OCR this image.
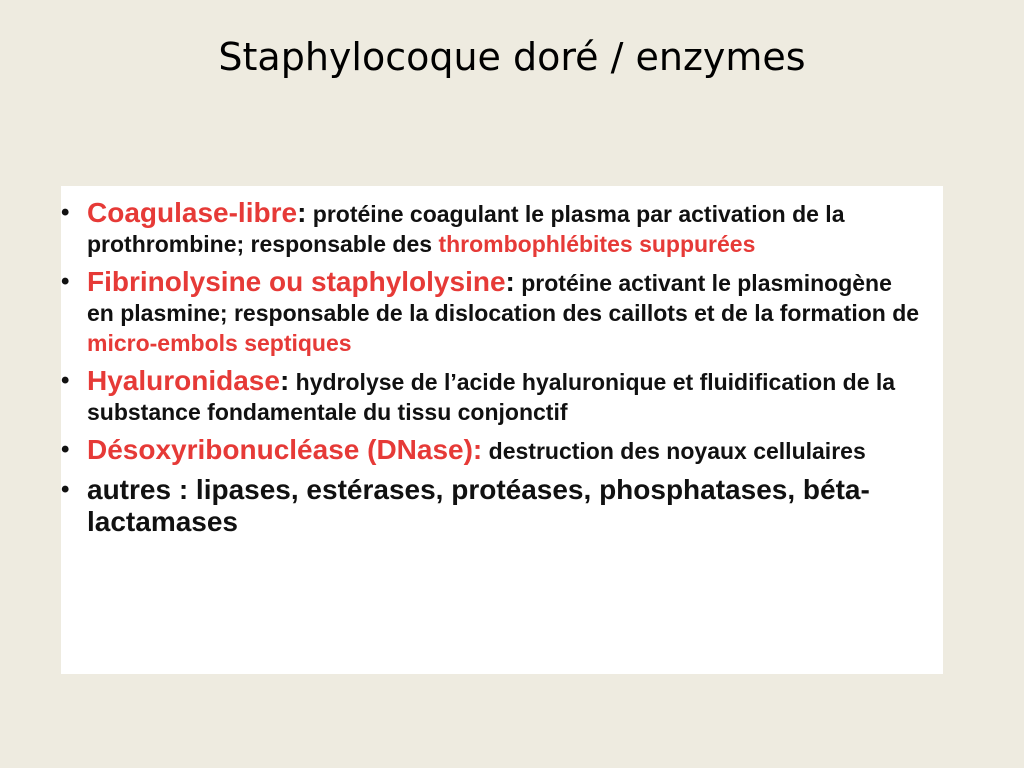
Staphylocoque doré / enzymes
• Coagulase-libre: protéine coagulant le plasma par activation de la prothrombine; responsable des thrombophlébites suppurées
• Fibrinolysine ou staphylolysine: protéine activant le plasminogène en plasmine; responsable de la dislocation des caillots et de la formation de micro-embols septiques
• Hyaluronidase: hydrolyse de l’acide hyaluronique et fluidification de la substance fondamentale du tissu conjonctif
• Désoxyribonucléase (DNase): destruction des noyaux cellulaires
• autres : lipases, estérases, protéases, phosphatases, béta-lactamases
